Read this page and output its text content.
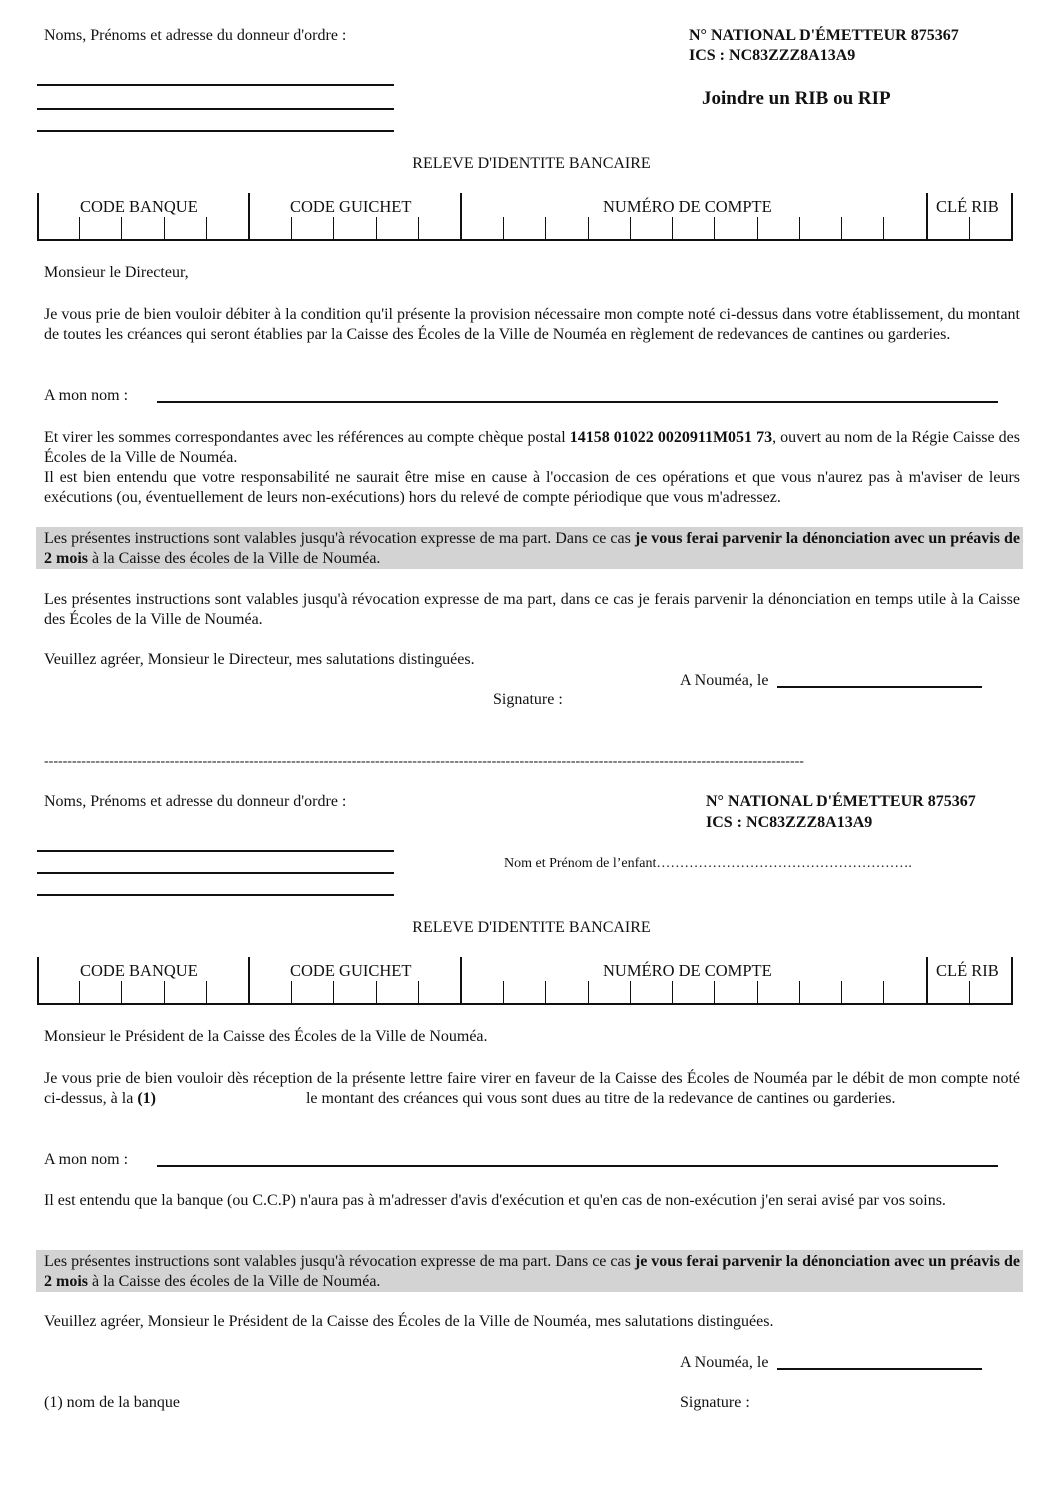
Noms, Prénoms et adresse du donneur d'ordre :	N° NATIONAL D'ÉMETTEUR 875367
ICS : NC83ZZZ8A13A9
Joindre un RIB ou RIP
RELEVE D'IDENTITE BANCAIRE
CODE BANQUE	CODE GUICHET	NUMÉRO DE COMPTE	CLÉ RIB
Monsieur le Directeur,
Je vous prie de bien vouloir débiter à la condition qu'il présente la provision nécessaire mon compte noté ci-dessus dans votre établissement, du montant de toutes les créances qui seront établies par la Caisse des Écoles de la Ville de Nouméa en règlement de redevances de cantines ou garderies.
A mon nom :
Et virer les sommes correspondantes avec les références au compte chèque postal 14158 01022 0020911M051 73, ouvert au nom de la Régie Caisse des Écoles de la Ville de Nouméa.
Il est bien entendu que votre responsabilité ne saurait être mise en cause à l'occasion de ces opérations et que vous n'aurez pas à m'aviser de leurs exécutions (ou, éventuellement de leurs non-exécutions) hors du relevé de compte périodique que vous m'adressez.
Les présentes instructions sont valables jusqu'à révocation expresse de ma part. Dans ce cas je vous ferai parvenir la dénonciation avec un préavis de 2 mois à la Caisse des écoles de la Ville de Nouméa.
Les présentes instructions sont valables jusqu'à révocation expresse de ma part, dans ce cas je ferais parvenir la dénonciation en temps utile à la Caisse des Écoles de la Ville de Nouméa.
Veuillez agréer, Monsieur le Directeur, mes salutations distinguées.
A Nouméa, le
Signature :
-------------------------------------------------------------------------------------------------------------------------------------------------------------------
Noms, Prénoms et adresse du donneur d'ordre :	N° NATIONAL D'ÉMETTEUR 875367
ICS : NC83ZZZ8A13A9
Nom et Prénom de l’enfant……………………………………………….
RELEVE D'IDENTITE BANCAIRE
CODE BANQUE	CODE GUICHET	NUMÉRO DE COMPTE	CLÉ RIB
Monsieur le Président de la Caisse des Écoles de la Ville de Nouméa.
Je vous prie de bien vouloir dès réception de la présente lettre faire virer en faveur de la Caisse des Écoles de Nouméa par le débit de mon compte noté ci-dessus, à la (1)	le montant des créances qui vous sont dues au titre de la redevance de cantines ou garderies.
A mon nom :
Il est entendu que la banque (ou C.C.P) n'aura pas à m'adresser d'avis d'exécution et qu'en cas de non-exécution j'en serai avisé par vos soins.
Les présentes instructions sont valables jusqu'à révocation expresse de ma part. Dans ce cas je vous ferai parvenir la dénonciation avec un préavis de 2 mois à la Caisse des écoles de la Ville de Nouméa.
Veuillez agréer, Monsieur le Président de la Caisse des Écoles de la Ville de Nouméa, mes salutations distinguées.
A Nouméa, le
(1) nom de la banque	Signature :
